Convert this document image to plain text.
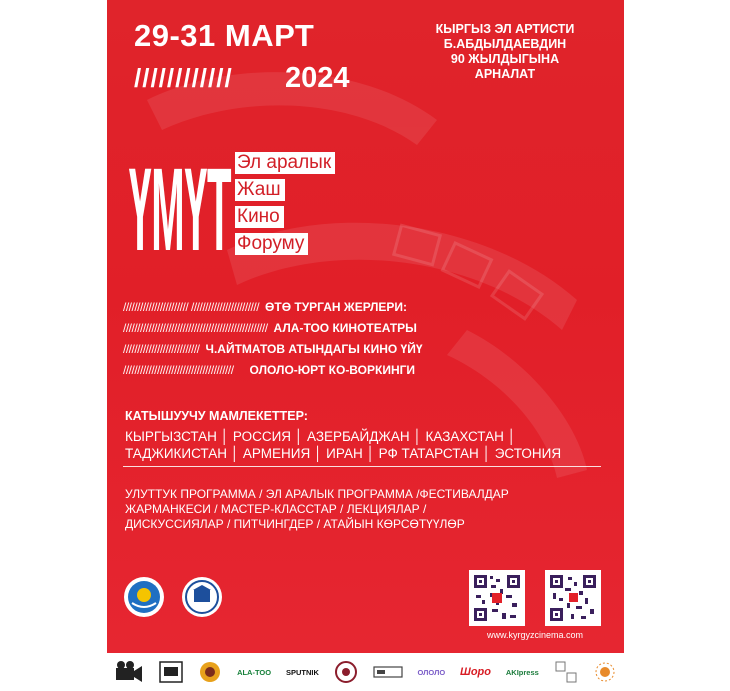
29-31 МАРТ
//////////// 2024
КЫРГЫЗ ЭЛ АРТИСТИ
Б.АБДЫЛДАЕВДИН
90 ЖЫЛДЫГЫНА
АРНАЛАТ
ҮМҮТ Эл аралык
Жаш
Кино
Форуму
/////////////////////// //////////////////////// ӨТӨ ТУРГАН ЖЕРЛЕРИ:
/////////////////////////////////////////////////// АЛА-ТОО КИНОТЕАТРЫ
/////////////////////////// Ч.АЙТМАТОВ АТЫНДАГЫ КИНО ҮЙҮ
/////////////////////////////////////// ОЛОЛО-ЮРТ КО-ВОРКИНГИ
КАТЫШУУЧУ МАМЛЕКЕТТЕР:
КЫРГЫЗСТАН │ РОССИЯ │ АЗЕРБАЙДЖАН │ КАЗАХСТАН │
ТАДЖИКИСТАН │ АРМЕНИЯ │ ИРАН │ РФ ТАТАРСТАН │ ЭСТОНИЯ
УЛУТТУК ПРОГРАММА / ЭЛ АРАЛЫК ПРОГРАММА /ФЕСТИВАЛДАР
ЖАРМАНКЕСИ / МАСТЕР-КЛАССТАР / ЛЕКЦИЯЛАР /
ДИСКУССИЯЛАР / ПИТЧИНГДЕР / АТАЙЫН КӨРСӨТҮҮЛӨР
www.kyrgyzcinema.com
ALA-TOO SPUTNIK	ОЛОЛО Шоро AKIpress
